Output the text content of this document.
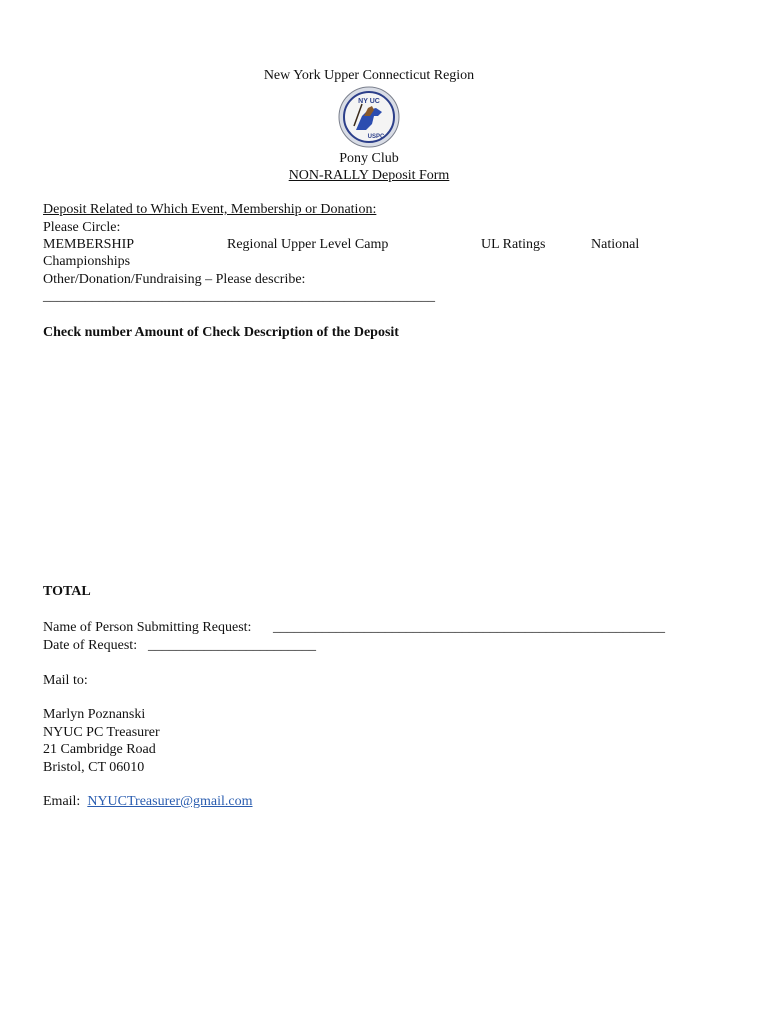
New York Upper Connecticut Region
NY UC
USPC
Pony Club
NON-RALLY Deposit Form
Deposit Related to Which Event, Membership or Donation:
Please Circle:
MEMBERSHIP	Regional Upper Level Camp	UL Ratings	National
Championships
Other/Donation/Fundraising – Please describe:
________________________________________________________
Check number Amount of Check Description of the Deposit
TOTAL
Name of Person Submitting Request: ________________________________________________________
Date of Request: ________________________
Mail to:
Marlyn Poznanski
NYUC PC Treasurer
21 Cambridge Road
Bristol, CT 06010
Email: NYUCTreasurer@gmail.com
